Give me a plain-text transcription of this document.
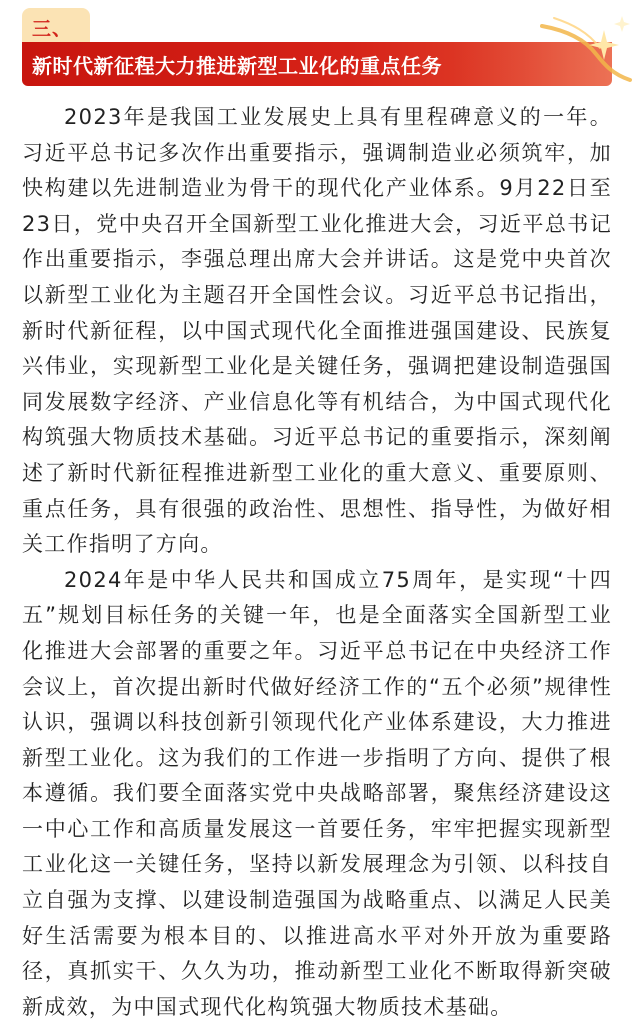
三、
新时代新征程大力推进新型工业化的重点任务

2023年是我国工业发展史上具有里程碑意义的一年。习近平总书记多次作出重要指示，强调制造业必须筑牢，加快构建以先进制造业为骨干的现代化产业体系。9月22日至23日，党中央召开全国新型工业化推进大会，习近平总书记作出重要指示，李强总理出席大会并讲话。这是党中央首次以新型工业化为主题召开全国性会议。习近平总书记指出，新时代新征程，以中国式现代化全面推进强国建设、民族复兴伟业，实现新型工业化是关键任务，强调把建设制造强国同发展数字经济、产业信息化等有机结合，为中国式现代化构筑强大物质技术基础。习近平总书记的重要指示，深刻阐述了新时代新征程推进新型工业化的重大意义、重要原则、重点任务，具有很强的政治性、思想性、指导性，为做好相关工作指明了方向。

2024年是中华人民共和国成立75周年，是实现“十四五”规划目标任务的关键一年，也是全面落实全国新型工业化推进大会部署的重要之年。习近平总书记在中央经济工作会议上，首次提出新时代做好经济工作的“五个必须”规律性认识，强调以科技创新引领现代化产业体系建设，大力推进新型工业化。这为我们的工作进一步指明了方向、提供了根本遵循。我们要全面落实党中央战略部署，聚焦经济建设这一中心工作和高质量发展这一首要任务，牢牢把握实现新型工业化这一关键任务，坚持以新发展理念为引领、以科技自立自强为支撑、以建设制造强国为战略重点、以满足人民美好生活需要为根本目的、以推进高水平对外开放为重要路径，真抓实干、久久为功，推动新型工业化不断取得新突破新成效，为中国式现代化构筑强大物质技术基础。
